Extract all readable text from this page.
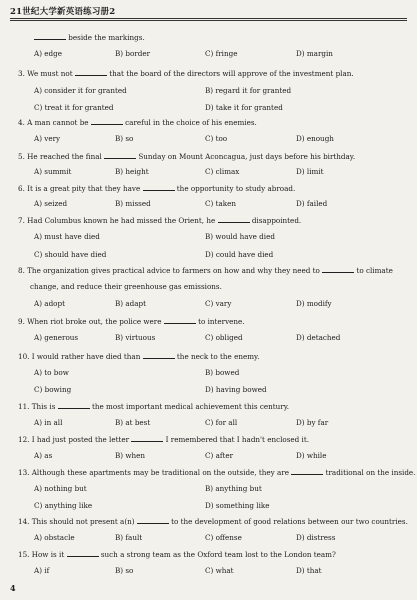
21世纪大学新英语练习册2
beside the markings.
A) edge	B) border	C) fringe	D) margin
3. We must not	that the board of the directors will approve of the investment plan.
A) consider it for granted	B) regard it for granted
C) treat it for granted	D) take it for granted
4. A man cannot be	careful in the choice of his enemies.
A) very	B) so	C) too	D) enough
5. He reached the final	Sunday on Mount Aconcagua, just days before his birthday.
A) summit	B) height	C) climax	D) limit
6. It is a great pity that they have	the opportunity to study abroad.
A) seized	B) missed	C) taken	D) failed
7. Had Columbus known he had missed the Orient, he	disappointed.
A) must have died	B) would have died
C) should have died	D) could have died
8. The organization gives practical advice to farmers on how and why they need to	to climate
change, and reduce their greenhouse gas emissions.
A) adopt	B) adapt	C) vary	D) modify
9. When riot broke out, the police were	to intervene.
A) generous	B) virtuous	C) obliged	D) detached
10. I would rather have died than	the neck to the enemy.
A) to bow	B) bowed
C) bowing	D) having bowed
11. This is	the most important medical achievement this century.
A) in all	B) at best	C) for all	D) by far
12. I had just posted the letter	I remembered that I hadn't enclosed it.
A) as	B) when	C) after	D) while
13. Although these apartments may be traditional on the outside, they are	traditional on the inside.
A) nothing but	B) anything but
C) anything like	D) something like
14. This should not present a(n)	to the development of good relations between our two countries.
A) obstacle	B) fault	C) offense	D) distress
15. How is it	such a strong team as the Oxford team lost to the London team?
A) if	B) so	C) what	D) that
4
